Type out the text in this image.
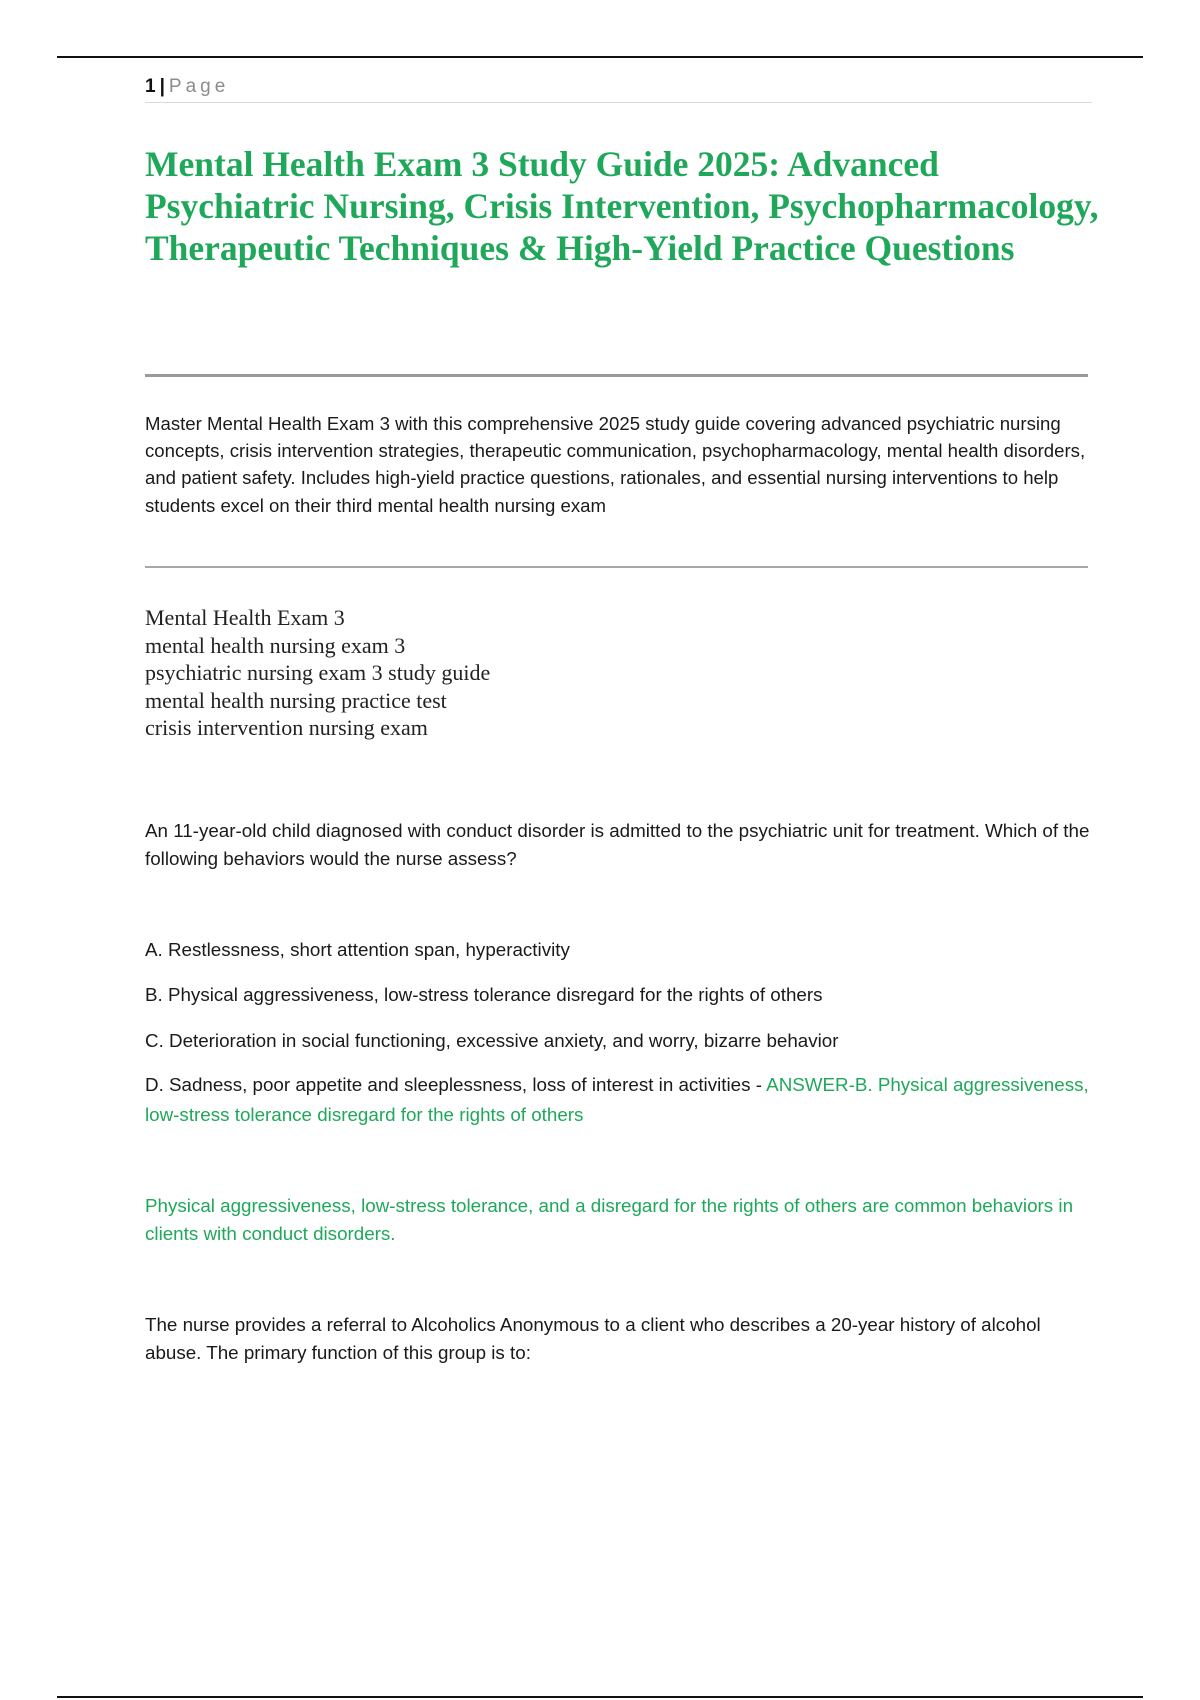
1 | Page
Mental Health Exam 3 Study Guide 2025: Advanced Psychiatric Nursing, Crisis Intervention, Psychopharmacology, Therapeutic Techniques & High-Yield Practice Questions

Master Mental Health Exam 3 with this comprehensive 2025 study guide covering advanced psychiatric nursing concepts, crisis intervention strategies, therapeutic communication, psychopharmacology, mental health disorders, and patient safety. Includes high-yield practice questions, rationales, and essential nursing interventions to help students excel on their third mental health nursing exam

Mental Health Exam 3
mental health nursing exam 3
psychiatric nursing exam 3 study guide
mental health nursing practice test
crisis intervention nursing exam

An 11-year-old child diagnosed with conduct disorder is admitted to the psychiatric unit for treatment. Which of the following behaviors would the nurse assess?

A. Restlessness, short attention span, hyperactivity

B. Physical aggressiveness, low-stress tolerance disregard for the rights of others

C. Deterioration in social functioning, excessive anxiety, and worry, bizarre behavior

D. Sadness, poor appetite and sleeplessness, loss of interest in activities - ANSWER-B. Physical aggressiveness, low-stress tolerance disregard for the rights of others

Physical aggressiveness, low-stress tolerance, and a disregard for the rights of others are common behaviors in clients with conduct disorders.

The nurse provides a referral to Alcoholics Anonymous to a client who describes a 20-year history of alcohol abuse. The primary function of this group is to:
